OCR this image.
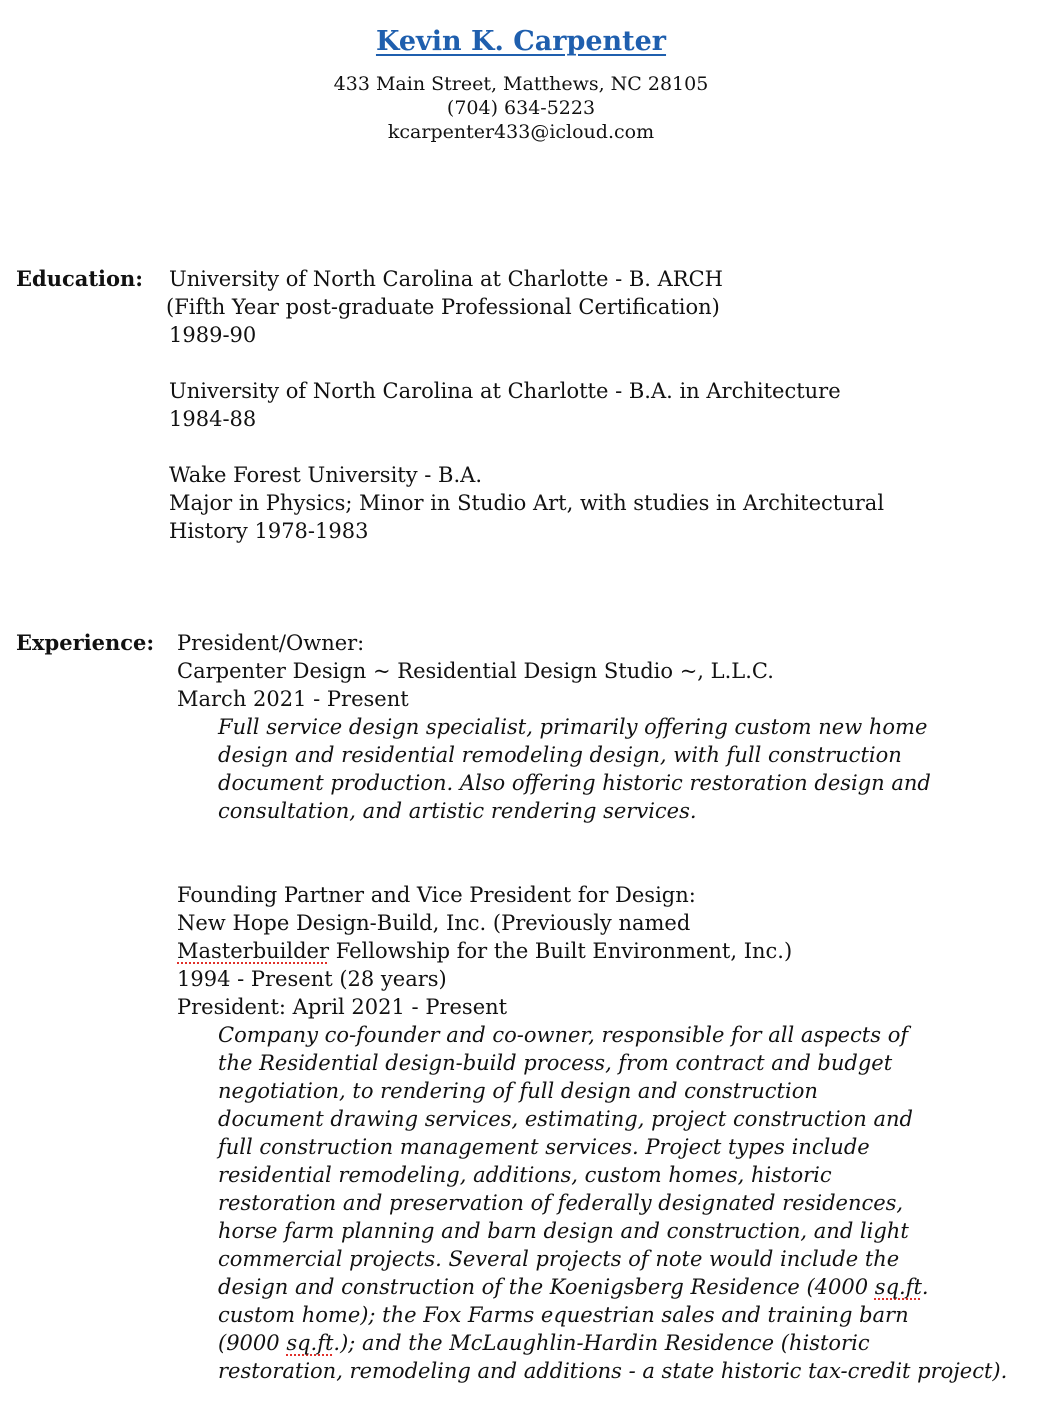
Kevin K. Carpenter
433 Main Street, Matthews, NC 28105
(704) 634-5223
kcarpenter433@icloud.com
Education: University of North Carolina at Charlotte - B. ARCH
(Fifth Year post-graduate Professional Certification)
1989-90
University of North Carolina at Charlotte - B.A. in Architecture
1984-88
Wake Forest University - B.A.
Major in Physics; Minor in Studio Art, with studies in Architectural
History 1978-1983
Experience: President/Owner:
Carpenter Design ~ Residential Design Studio ~, L.L.C.
March 2021 - Present
Full service design specialist, primarily offering custom new home
design and residential remodeling design, with full construction
document production. Also offering historic restoration design and
consultation, and artistic rendering services.
Founding Partner and Vice President for Design:
New Hope Design-Build, Inc. (Previously named
Masterbuilder Fellowship for the Built Environment, Inc.)
1994 - Present (28 years)
President: April 2021 - Present
Company co-founder and co-owner, responsible for all aspects of
the Residential design-build process, from contract and budget
negotiation, to rendering of full design and construction
document drawing services, estimating, project construction and
full construction management services. Project types include
residential remodeling, additions, custom homes, historic
restoration and preservation of federally designated residences,
horse farm planning and barn design and construction, and light
commercial projects. Several projects of note would include the
design and construction of the Koenigsberg Residence (4000 sq.ft.
custom home); the Fox Farms equestrian sales and training barn
(9000 sq.ft.); and the McLaughlin-Hardin Residence (historic
restoration, remodeling and additions - a state historic tax-credit project).
